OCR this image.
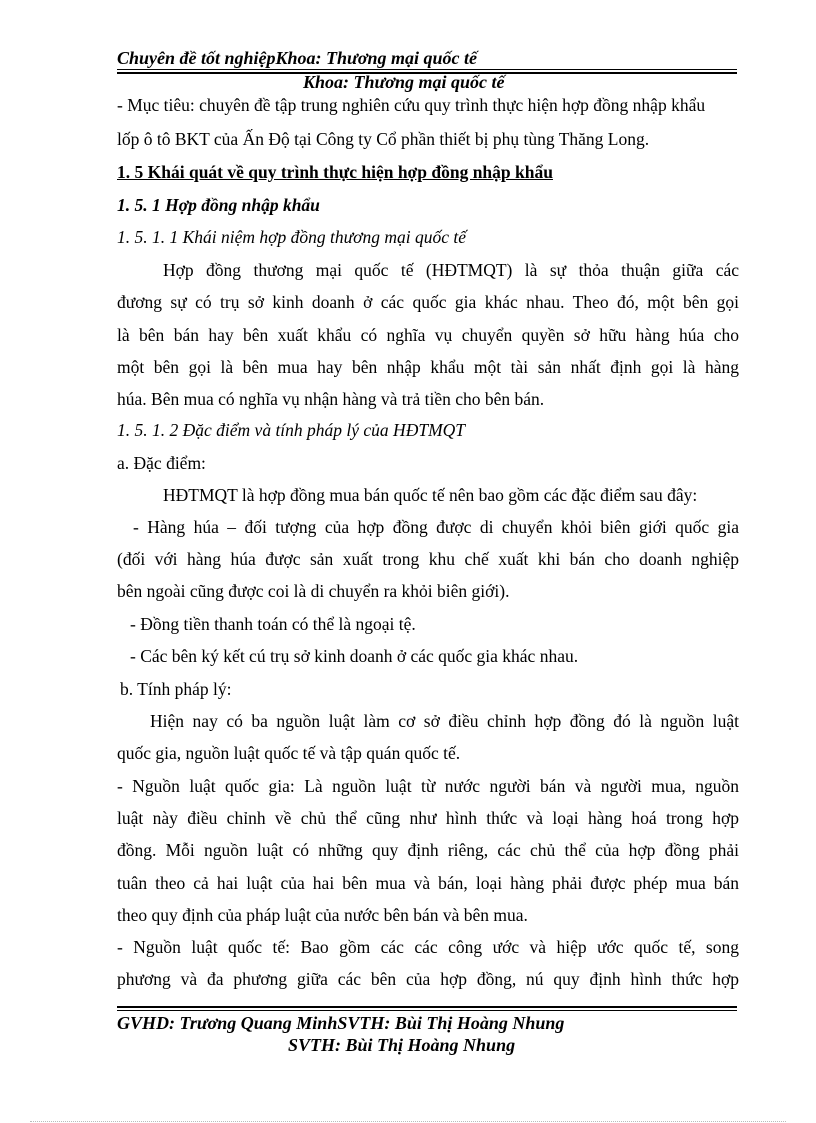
Chuyên đề tốt nghiệpKhoa: Thương mại quốc tế
Khoa: Thương mại quốc tế
- Mục tiêu: chuyên đề tập trung nghiên cứu quy trình thực hiện hợp đồng nhập khẩu
lốp ô tô BKT của Ấn Độ tại Công ty Cổ phần thiết bị phụ tùng Thăng Long.
1. 5 Khái quát về quy trình thực hiện hợp đồng nhập khẩu
1. 5. 1 Hợp đồng nhập khẩu
1. 5. 1. 1 Khái niệm hợp đồng thương mại quốc tế
Hợp đồng thương mại quốc tế (HĐTMQT) là sự thỏa thuận giữa các
đương sự có trụ sở kinh doanh ở các quốc gia khác nhau. Theo đó, một bên gọi
là bên bán hay bên xuất khẩu có nghĩa vụ chuyển quyền sở hữu hàng húa cho
một bên gọi là bên mua hay bên nhập khẩu một tài sản nhất định gọi là hàng
húa. Bên mua có nghĩa vụ nhận hàng và trả tiền cho bên bán.
1. 5. 1. 2 Đặc điểm và tính pháp lý của HĐTMQT
a. Đặc điểm:
HĐTMQT là hợp đồng mua bán quốc tế nên bao gồm các đặc điểm sau đây:
- Hàng húa – đối tượng của hợp đồng được di chuyển khỏi biên giới quốc gia
(đối với hàng húa được sản xuất trong khu chế xuất khi bán cho doanh nghiệp
bên ngoài cũng được coi là di chuyển ra khỏi biên giới).
- Đồng tiền thanh toán có thể là ngoại tệ.
- Các bên ký kết cú trụ sở kinh doanh ở các quốc gia khác nhau.
b. Tính pháp lý:
Hiện nay có ba nguồn luật làm cơ sở điều chỉnh hợp đồng đó là nguồn luật
quốc gia, nguồn luật quốc tế và tập quán quốc tế.
- Nguồn luật quốc gia: Là nguồn luật từ nước người bán và người mua, nguồn
luật này điều chỉnh về chủ thể cũng như hình thức và loại hàng hoá trong hợp
đồng. Mỗi nguồn luật có những quy định riêng, các chủ thể của hợp đồng phải
tuân theo cả hai luật của hai bên mua và bán, loại hàng phải được phép mua bán
theo quy định của pháp luật của nước bên bán và bên mua.
- Nguồn luật quốc tế: Bao gồm các các công ước và hiệp ước quốc tế, song
phương và đa phương giữa các bên của hợp đồng, nú quy định hình thức hợp
GVHD: Trương Quang MinhSVTH: Bùi Thị Hoàng Nhung
SVTH: Bùi Thị Hoàng Nhung
